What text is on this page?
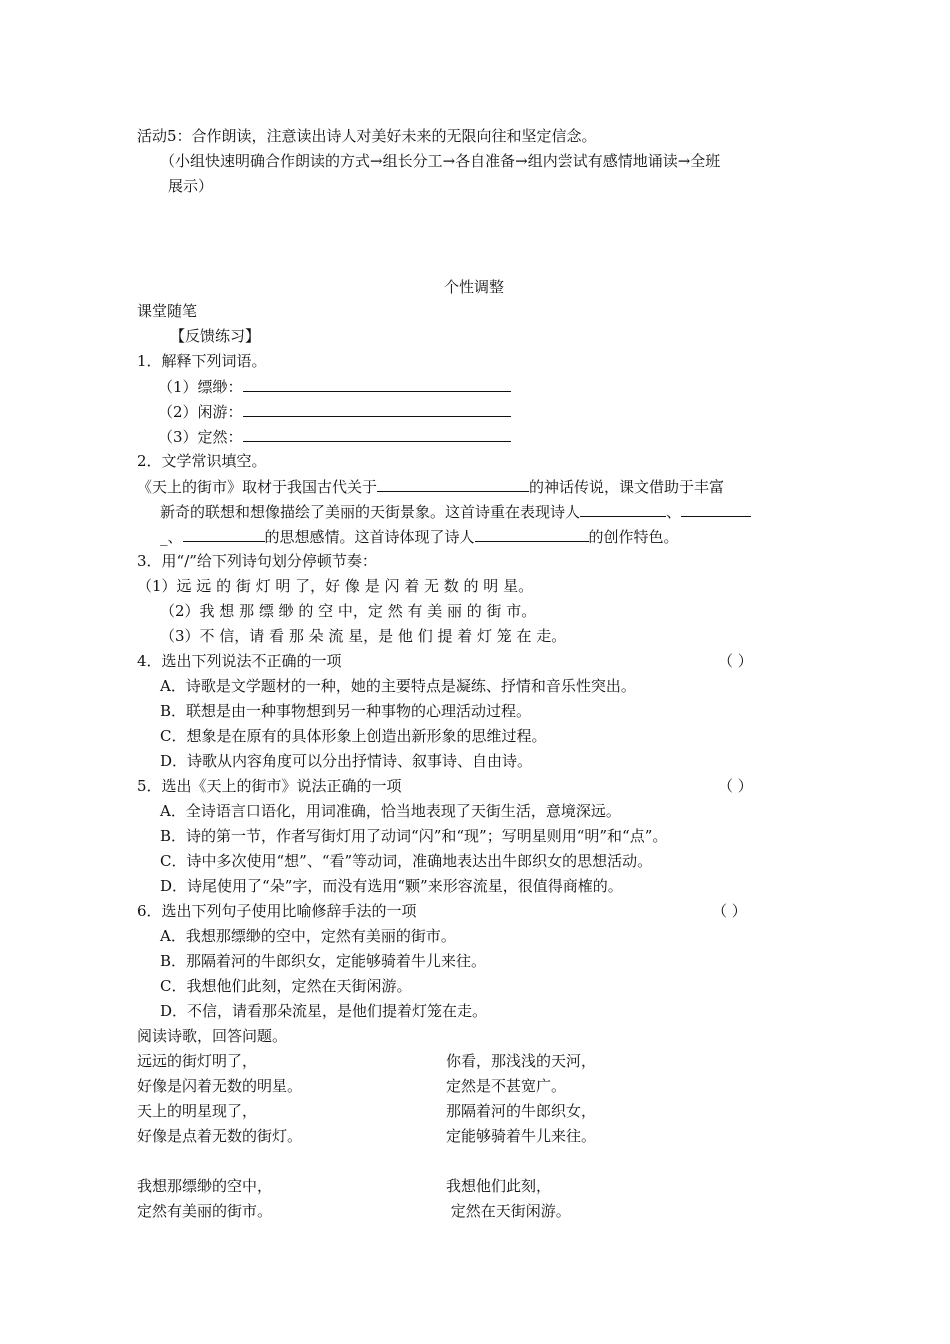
活动5：合作朗读，注意读出诗人对美好未来的无限向往和坚定信念。
（小组快速明确合作朗读的方式→组长分工→各自准备→组内尝试有感情地诵读→全班
展示）
个性调整
课堂随笔
【反馈练习】
1．解释下列词语。
（1）缥缈：
（2）闲游：
（3）定然：
2．文学常识填空。
《天上的街市》取材于我国古代关于	的神话传说，课文借助于丰富
新奇的联想和想像描绘了美丽的天街景象。这首诗重在表现诗人	、
_、	的思想感情。这首诗体现了诗人	的创作特色。
3．用“/”给下列诗句划分停顿节奏：
（1）远 远 的 街 灯 明 了，好 像 是 闪 着 无 数 的 明 星。
（2）我 想 那 缥 缈 的 空 中，定 然 有 美 丽 的 街 市。
（3）不 信，请 看 那 朵 流 星，是 他 们 提 着 灯 笼 在 走。
4．选出下列说法不正确的一项	（ ）
A．诗歌是文学题材的一种，她的主要特点是凝练、抒情和音乐性突出。
B．联想是由一种事物想到另一种事物的心理活动过程。
C．想象是在原有的具体形象上创造出新形象的思维过程。
D．诗歌从内容角度可以分出抒情诗、叙事诗、自由诗。
5．选出《天上的街市》说法正确的一项	（ ）
A．全诗语言口语化，用词准确，恰当地表现了天街生活，意境深远。
B．诗的第一节，作者写街灯用了动词“闪”和“现”；写明星则用“明”和“点”。
C．诗中多次使用“想”、“看”等动词，准确地表达出牛郎织女的思想活动。
D．诗尾使用了“朵”字，而没有选用“颗”来形容流星，很值得商榷的。
6．选出下列句子使用比喻修辞手法的一项	（ ）
A．我想那缥缈的空中，定然有美丽的街市。
B．那隔着河的牛郎织女，定能够骑着牛儿来往。
C．我想他们此刻，定然在天街闲游。
D．不信，请看那朵流星，是他们提着灯笼在走。
阅读诗歌，回答问题。
远远的街灯明了，
好像是闪着无数的明星。
天上的明星现了，
好像是点着无数的街灯。
你看，那浅浅的天河，
定然是不甚宽广。
那隔着河的牛郎织女，
定能够骑着牛儿来往。
我想那缥缈的空中，
定然有美丽的街市。
我想他们此刻，
定然在天街闲游。
